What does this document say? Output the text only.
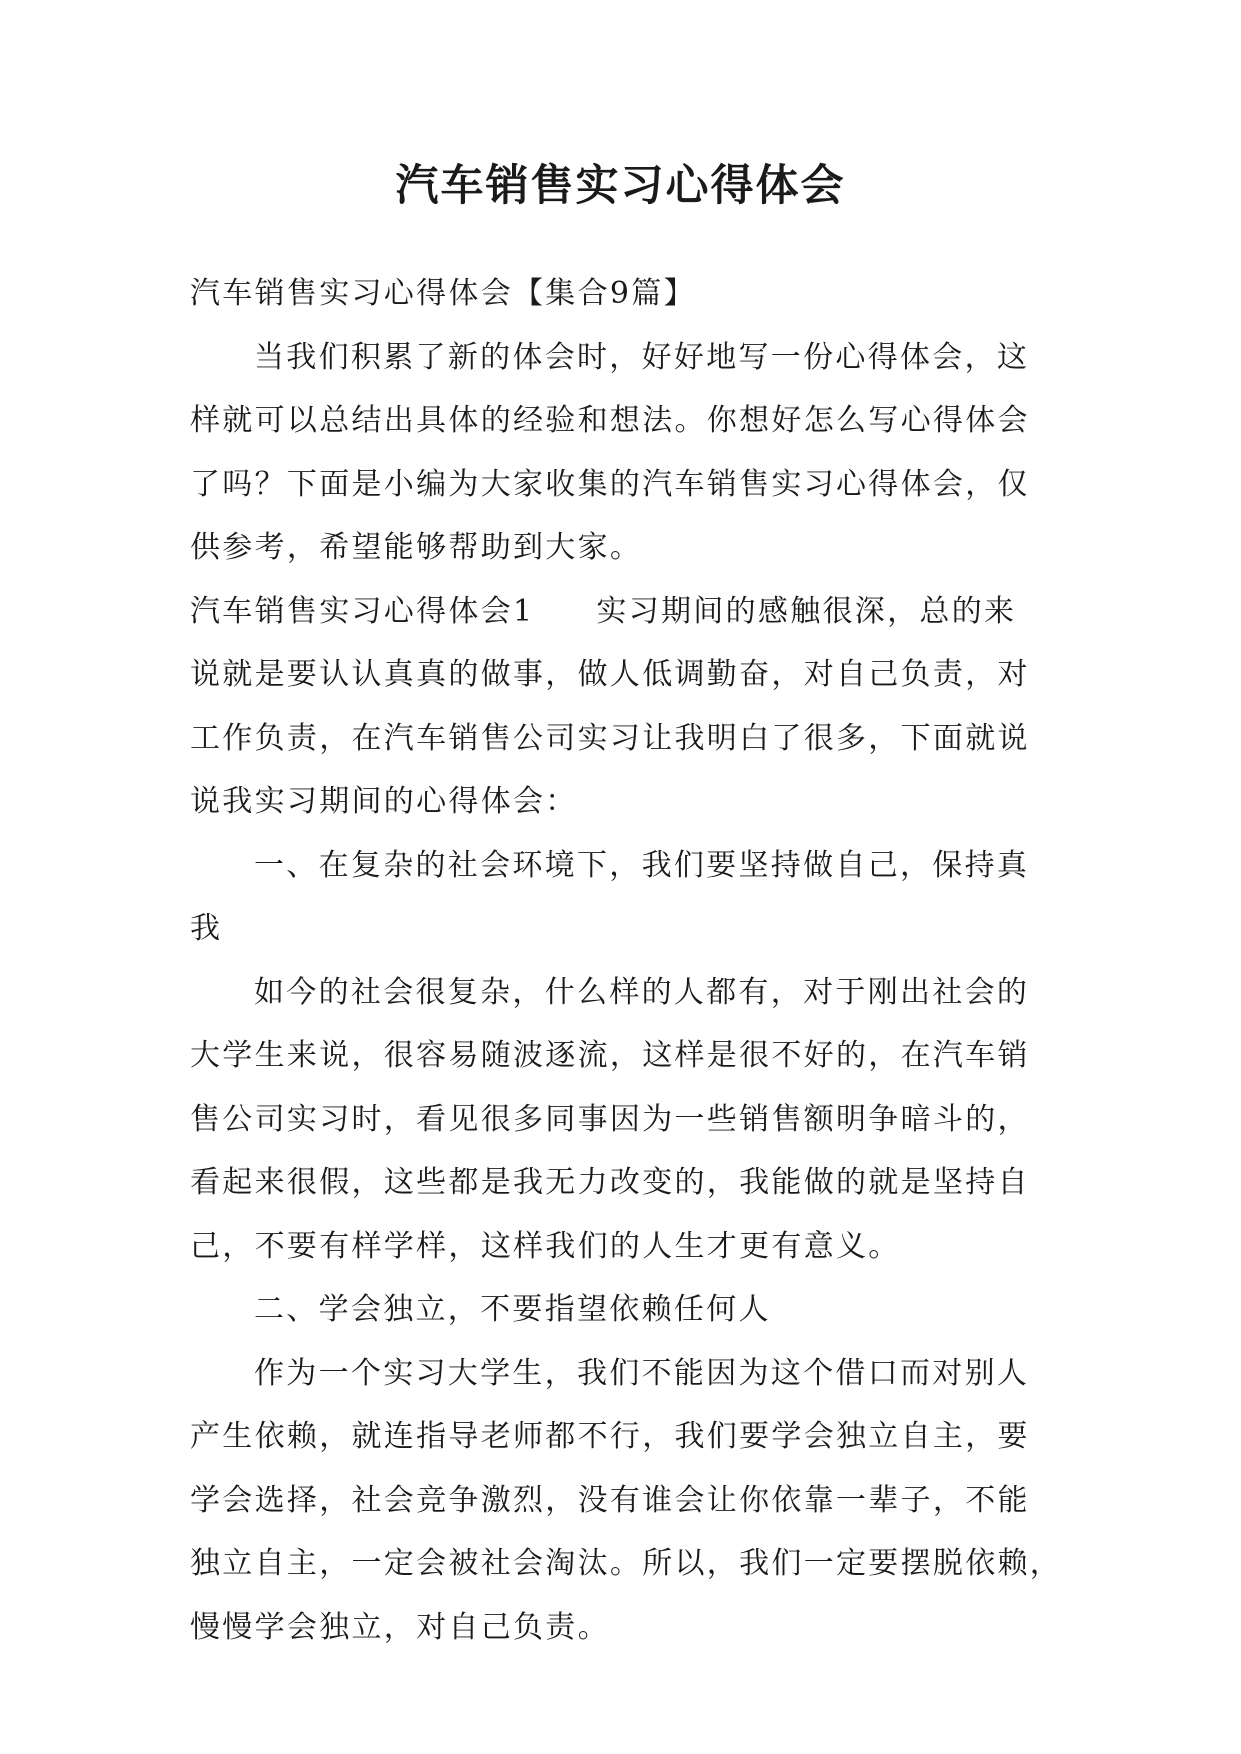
汽车销售实习心得体会
汽车销售实习心得体会【集合9篇】
当我们积累了新的体会时，好好地写一份心得体会，这
样就可以总结出具体的经验和想法。你想好怎么写心得体会
了吗？下面是小编为大家收集的汽车销售实习心得体会，仅
供参考，希望能够帮助到大家。
汽车销售实习心得体会1 实习期间的感触很深，总的来
说就是要认认真真的做事，做人低调勤奋，对自己负责，对
工作负责，在汽车销售公司实习让我明白了很多，下面就说
说我实习期间的心得体会：
一、在复杂的社会环境下，我们要坚持做自己，保持真
我
如今的社会很复杂，什么样的人都有，对于刚出社会的
大学生来说，很容易随波逐流，这样是很不好的，在汽车销
售公司实习时，看见很多同事因为一些销售额明争暗斗的，
看起来很假，这些都是我无力改变的，我能做的就是坚持自
己，不要有样学样，这样我们的人生才更有意义。
二、学会独立，不要指望依赖任何人
作为一个实习大学生，我们不能因为这个借口而对别人
产生依赖，就连指导老师都不行，我们要学会独立自主，要
学会选择，社会竞争激烈，没有谁会让你依靠一辈子，不能
独立自主，一定会被社会淘汰。所以，我们一定要摆脱依赖，
慢慢学会独立，对自己负责。
